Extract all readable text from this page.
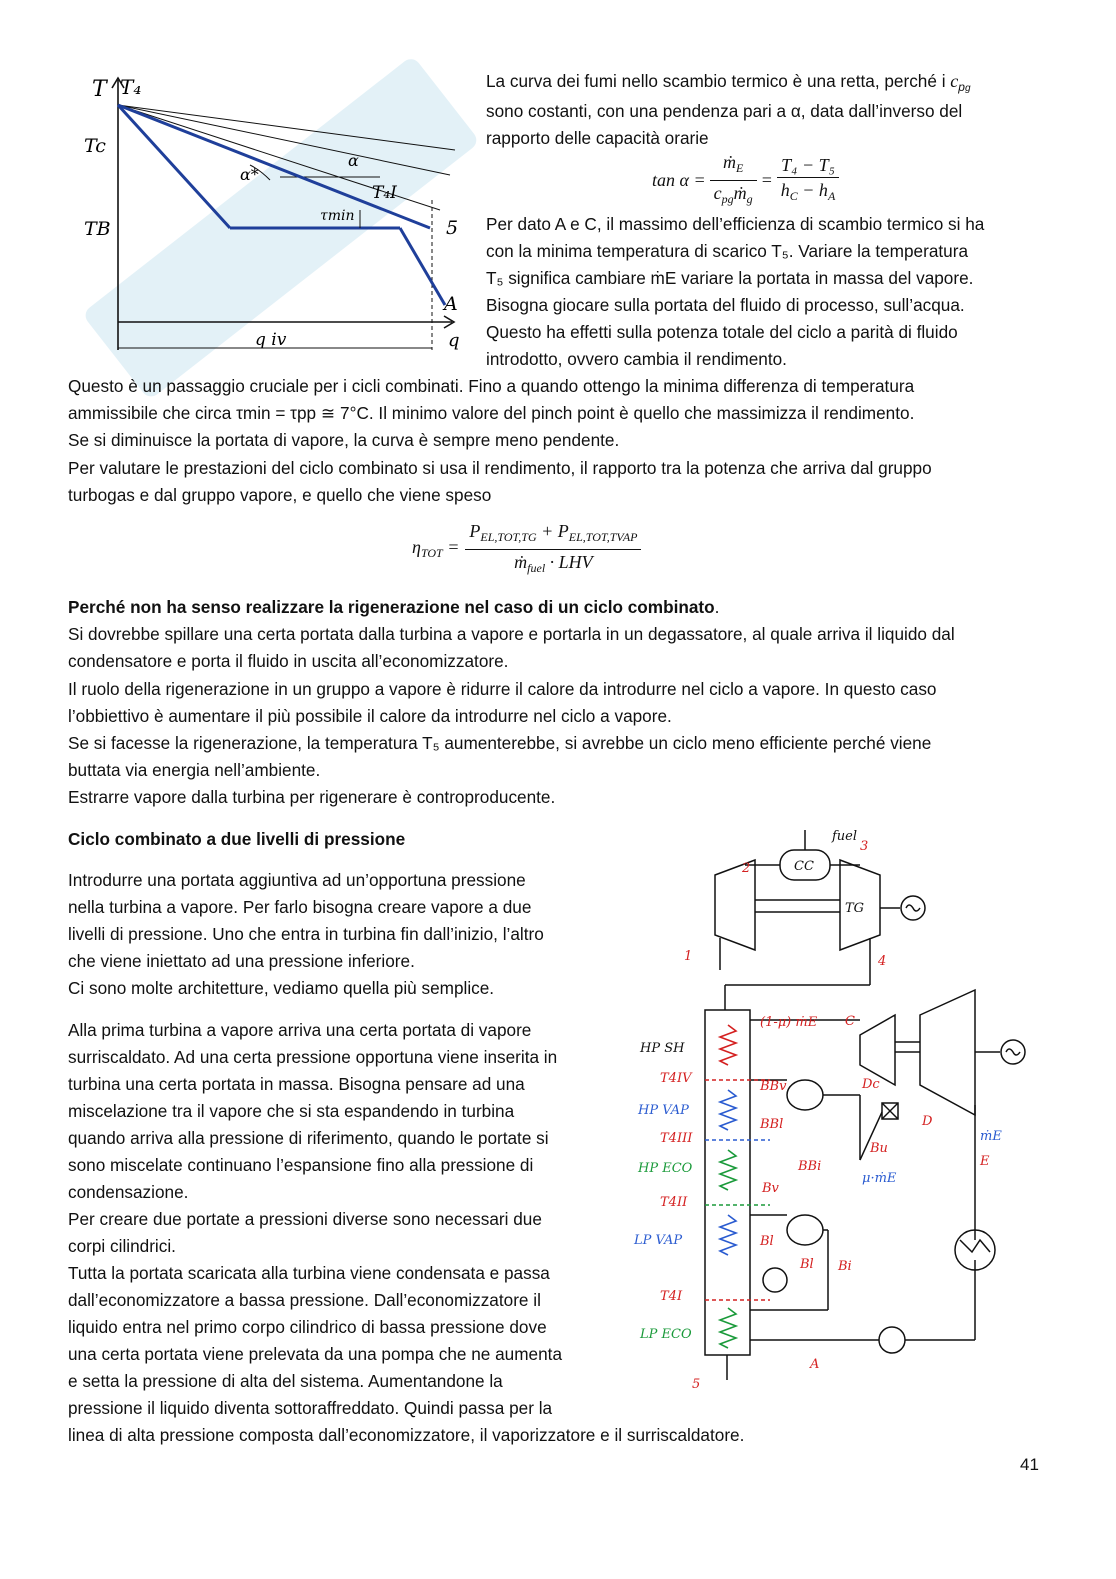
T T₄
Tc
TB
α*
α
T₄I
τmin
5
A
q iv	q

La curva dei fumi nello scambio termico è una retta, perché i $c_{pg}$

sono costanti, con una pendenza pari a α, data dall’inverso del

rapporto delle capacità orarie

$\tan \alpha = \frac{ṁ_E}{c_{pg}ṁ_g} = \frac{\text{T₄ − T₅}}{h_C - h_A}$

Per dato A e C, il massimo dell’efficienza di scambio termico si ha

con la minima temperatura di scarico T₅. Variare la temperatura

T₅ significa cambiare ṁE variare la portata in massa del vapore.

Bisogna giocare sulla portata del fluido di processo, sull’acqua.

Questo ha effetti sulla potenza totale del ciclo a parità di fluido

introdotto, ovvero cambia il rendimento.

Questo è un passaggio cruciale per i cicli combinati. Fino a quando ottengo la minima differenza di temperatura

ammissibile che circa τmin = τpp ≅ 7°C. Il minimo valore del pinch point è quello che massimizza il rendimento.

Se si diminuisce la portata di vapore, la curva è sempre meno pendente.

Per valutare le prestazioni del ciclo combinato si usa il rendimento, il rapporto tra la potenza che arriva dal gruppo

turbogas e dal gruppo vapore, e quello che viene speso

$\eta_{TOT} = \frac{P_{EL,TOT,TG} + P_{EL,TOT,TVAP}}{ṁ_{fuel} \cdot LHV}$

Perché non ha senso realizzare la rigenerazione nel caso di un ciclo combinato.

Si dovrebbe spillare una certa portata dalla turbina a vapore e portarla in un degassatore, al quale arriva il liquido dal

condensatore e porta il fluido in uscita all’economizzatore.

Il ruolo della rigenerazione in un gruppo a vapore è ridurre il calore da introdurre nel ciclo a vapore. In questo caso

l’obbiettivo è aumentare il più possibile il calore da introdurre nel ciclo a vapore.

Se si facesse la rigenerazione, la temperatura T₅ aumenterebbe, si avrebbe un ciclo meno efficiente perché viene

buttata via energia nell’ambiente.

Estrarre vapore dalla turbina per rigenerare è controproducente.

Ciclo combinato a due livelli di pressione

Introdurre una portata aggiuntiva ad un’opportuna pressione

nella turbina a vapore. Per farlo bisogna creare vapore a due

livelli di pressione. Uno che entra in turbina fin dall’inizio, l’altro

che viene iniettato ad una pressione inferiore.

Ci sono molte architetture, vediamo quella più semplice.

Alla prima turbina a vapore arriva una certa portata di vapore

surriscaldato. Ad una certa pressione opportuna viene inserita in

turbina una certa portata in massa. Bisogna pensare ad una

miscelazione tra il vapore che si sta espandendo in turbina

quando arriva alla pressione di riferimento, quando le portate si

sono miscelate continuano l’espansione fino alla pressione di

condensazione.

Per creare due portate a pressioni diverse sono necessari due

corpi cilindrici.

Tutta la portata scaricata alla turbina viene condensata e passa

dall’economizzatore a bassa pressione. Dall’economizzatore il

liquido entra nel primo corpo cilindrico di bassa pressione dove

una certa portata viene prelevata da una pompa che ne aumenta

e setta la pressione di alta del sistema. Aumentandone la

pressione il liquido diventa sottoraffreddato. Quindi passa per la

linea di alta pressione composta dall’economizzatore, il vaporizzatore e il surriscaldatore.

fuel
3
2	CC
TG
1	4
HP SH
T4IV
HP VAP
T4III
HP ECO
T4II
LP VAP
T4I
LP ECO
5
(1-μ) ṁE C
Dc
D
ṁE
E
A
BBv
BBl
BBi
Bu
μ·ṁE
Bv
Bl
Bl Bi
41
